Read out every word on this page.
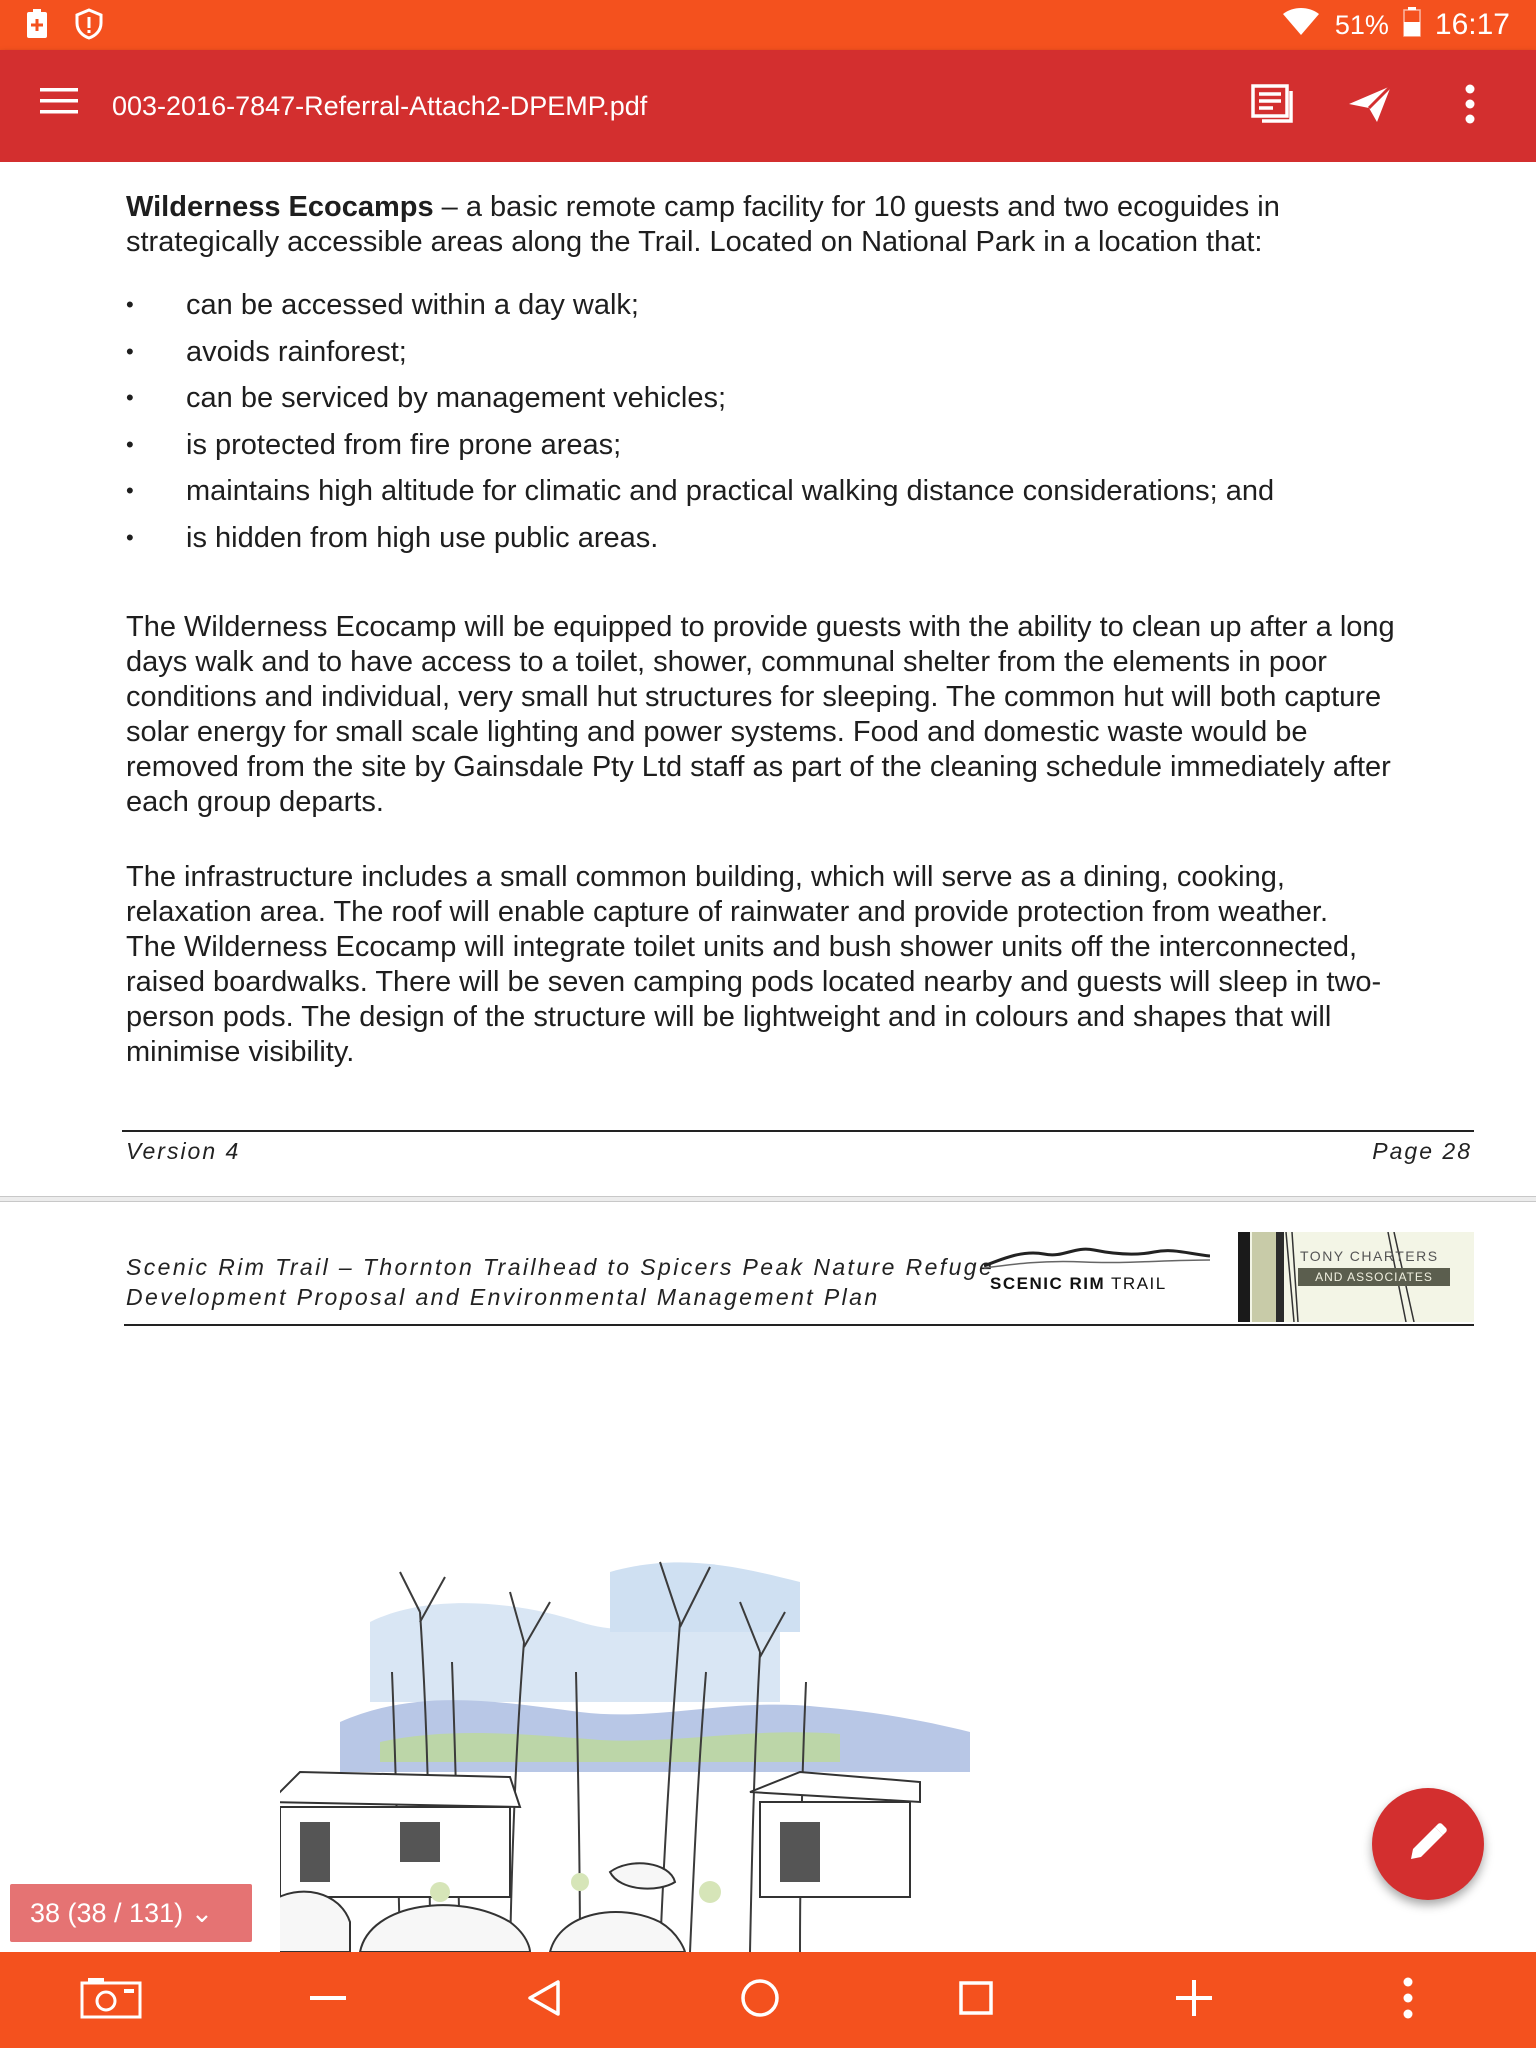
51% 16:17
003-2016-7847-Referral-Attach2-DPEMP.pdf
Wilderness Ecocamps – a basic remote camp facility for 10 guests and two ecoguides in
strategically accessible areas along the Trail. Located on National Park in a location that:
• can be accessed within a day walk;
• avoids rainforest;
• can be serviced by management vehicles;
• is protected from fire prone areas;
• maintains high altitude for climatic and practical walking distance considerations; and
• is hidden from high use public areas.
The Wilderness Ecocamp will be equipped to provide guests with the ability to clean up after a long
days walk and to have access to a toilet, shower, communal shelter from the elements in poor
conditions and individual, very small hut structures for sleeping. The common hut will both capture
solar energy for small scale lighting and power systems. Food and domestic waste would be
removed from the site by Gainsdale Pty Ltd staff as part of the cleaning schedule immediately after
each group departs.
The infrastructure includes a small common building, which will serve as a dining, cooking,
relaxation area. The roof will enable capture of rainwater and provide protection from weather.
The Wilderness Ecocamp will integrate toilet units and bush shower units off the interconnected,
raised boardwalks. There will be seven camping pods located nearby and guests will sleep in two-
person pods. The design of the structure will be lightweight and in colours and shapes that will
minimise visibility.
Version 4	Page 28
Scenic Rim Trail – Thornton Trailhead to Spicers Peak Nature Refuge
Development Proposal and Environmental Management Plan
SCENIC RIM TRAIL
TONY CHARTERS
AND ASSOCIATES
38 (38 / 131) ⌄
